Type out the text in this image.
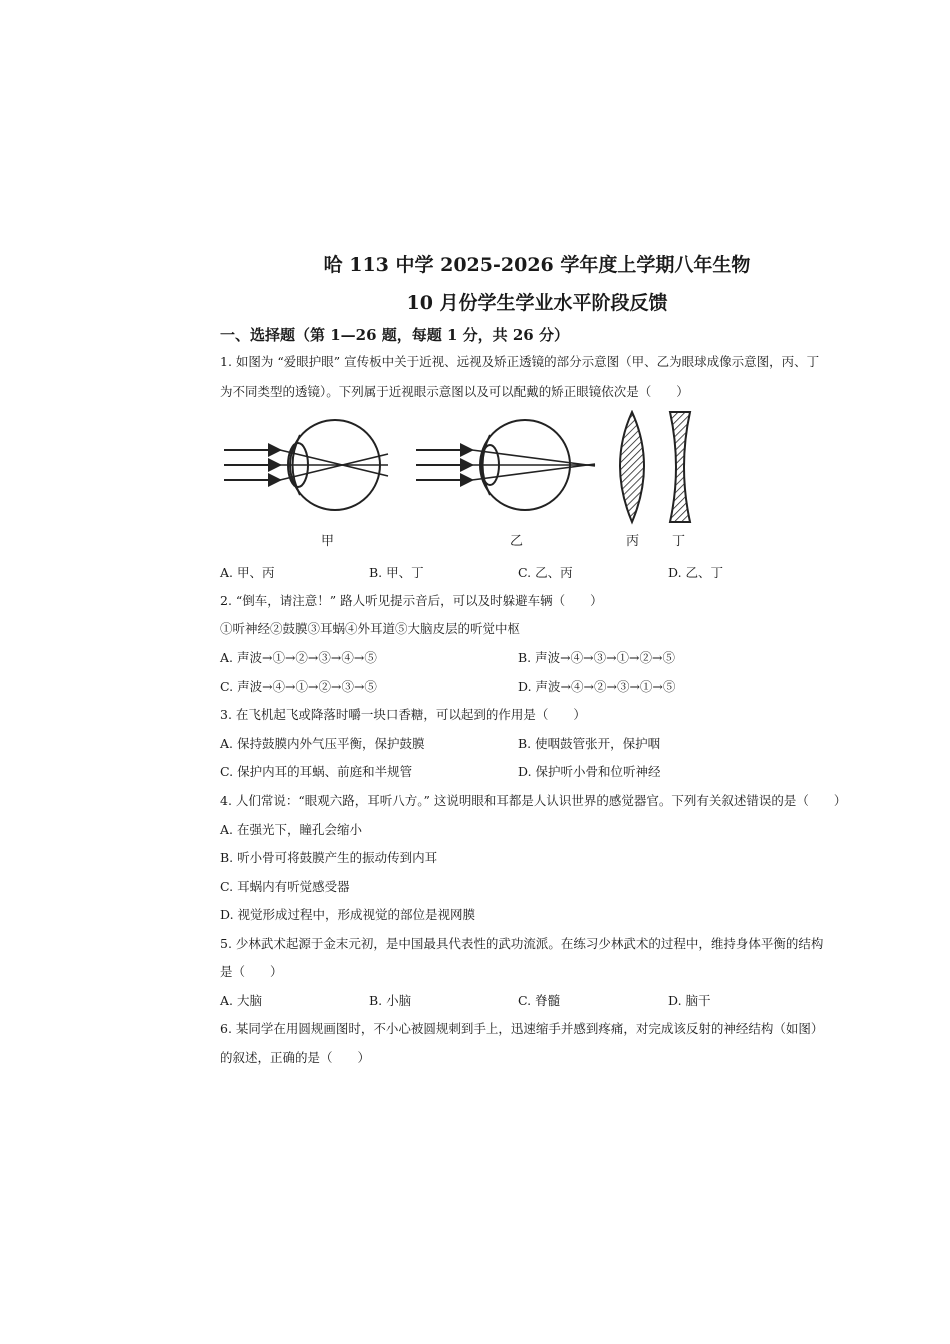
哈 113 中学 2025-2026 学年度上学期八年生物
10 月份学生学业水平阶段反馈
一、选择题（第 1—26 题，每题 1 分，共 26 分）
1. 如图为 “爱眼护眼” 宣传板中关于近视、远视及矫正透镜的部分示意图（甲、乙为眼球成像示意图，丙、丁
为不同类型的透镜）。下列属于近视眼示意图以及可以配戴的矫正眼镜依次是（　　）
甲	乙	丙	丁
A. 甲、丙	B. 甲、丁	C. 乙、丙	D. 乙、丁
2. “倒车，请注意！” 路人听见提示音后，可以及时躲避车辆（　　）
①听神经②鼓膜③耳蜗④外耳道⑤大脑皮层的听觉中枢
A. 声波→①→②→③→④→⑤	B. 声波→④→③→①→②→⑤
C. 声波→④→①→②→③→⑤	D. 声波→④→②→③→①→⑤
3. 在飞机起飞或降落时嚼一块口香糖，可以起到的作用是（　　）
A. 保持鼓膜内外气压平衡，保护鼓膜	B. 使咽鼓管张开，保护咽
C. 保护内耳的耳蜗、前庭和半规管	D. 保护听小骨和位听神经
4. 人们常说：“眼观六路，耳听八方。” 这说明眼和耳都是人认识世界的感觉器官。下列有关叙述错误的是（　　）
A. 在强光下，瞳孔会缩小
B. 听小骨可将鼓膜产生的振动传到内耳
C. 耳蜗内有听觉感受器
D. 视觉形成过程中，形成视觉的部位是视网膜
5. 少林武术起源于金末元初，是中国最具代表性的武功流派。在练习少林武术的过程中，维持身体平衡的结构
是（　　）
A. 大脑	B. 小脑	C. 脊髓	D. 脑干
6. 某同学在用圆规画图时，不小心被圆规刺到手上，迅速缩手并感到疼痛，对完成该反射的神经结构（如图）
的叙述，正确的是（　　）
